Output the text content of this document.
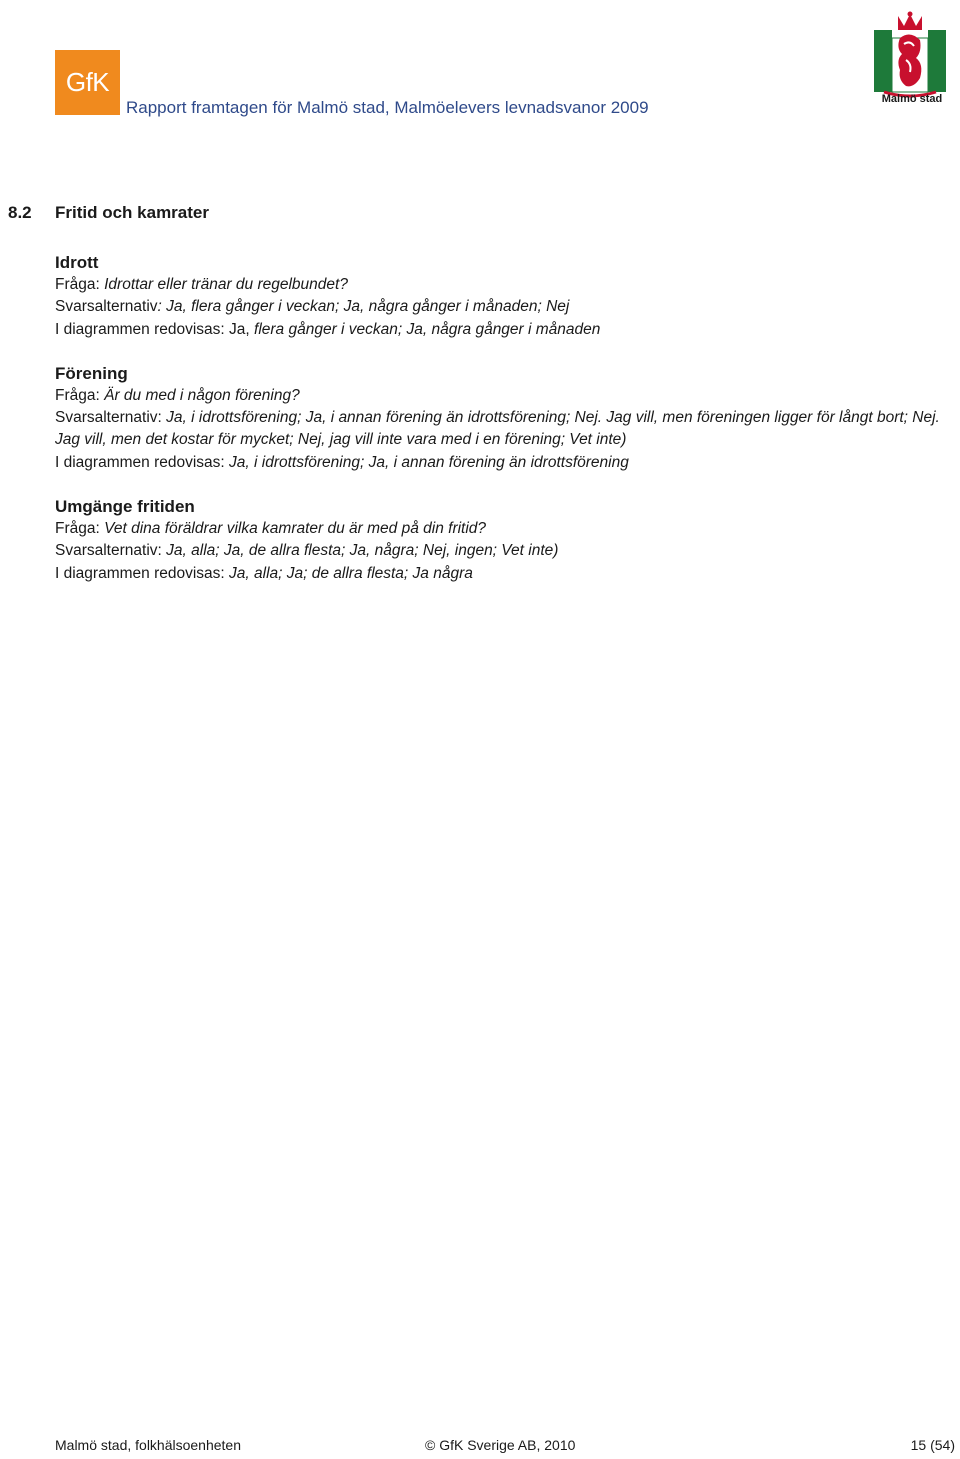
GfK
Rapport framtagen för Malmö stad, Malmöelevers levnadsvanor 2009	Malmö stad
8.2 Fritid och kamrater

Idrott

Fråga: Idrottar eller tränar du regelbundet?

Svarsalternativ: Ja, flera gånger i veckan; Ja, några gånger i månaden; Nej

I diagrammen redovisas: Ja, flera gånger i veckan; Ja, några gånger i månaden

Förening

Fråga: Är du med i någon förening?

Svarsalternativ: Ja, i idrottsförening; Ja, i annan förening än idrottsförening; Nej. Jag vill, men föreningen ligger för långt bort; Nej. Jag vill, men det kostar för mycket; Nej, jag vill inte vara med i en förening; Vet inte)

I diagrammen redovisas: Ja, i idrottsförening; Ja, i annan förening än idrottsförening

Umgänge fritiden

Fråga: Vet dina föräldrar vilka kamrater du är med på din fritid?

Svarsalternativ: Ja, alla; Ja, de allra flesta; Ja, några; Nej, ingen; Vet inte)

I diagrammen redovisas: Ja, alla; Ja; de allra flesta; Ja några

Malmö stad, folkhälsoenheten	© GfK Sverige AB, 2010	15 (54)
